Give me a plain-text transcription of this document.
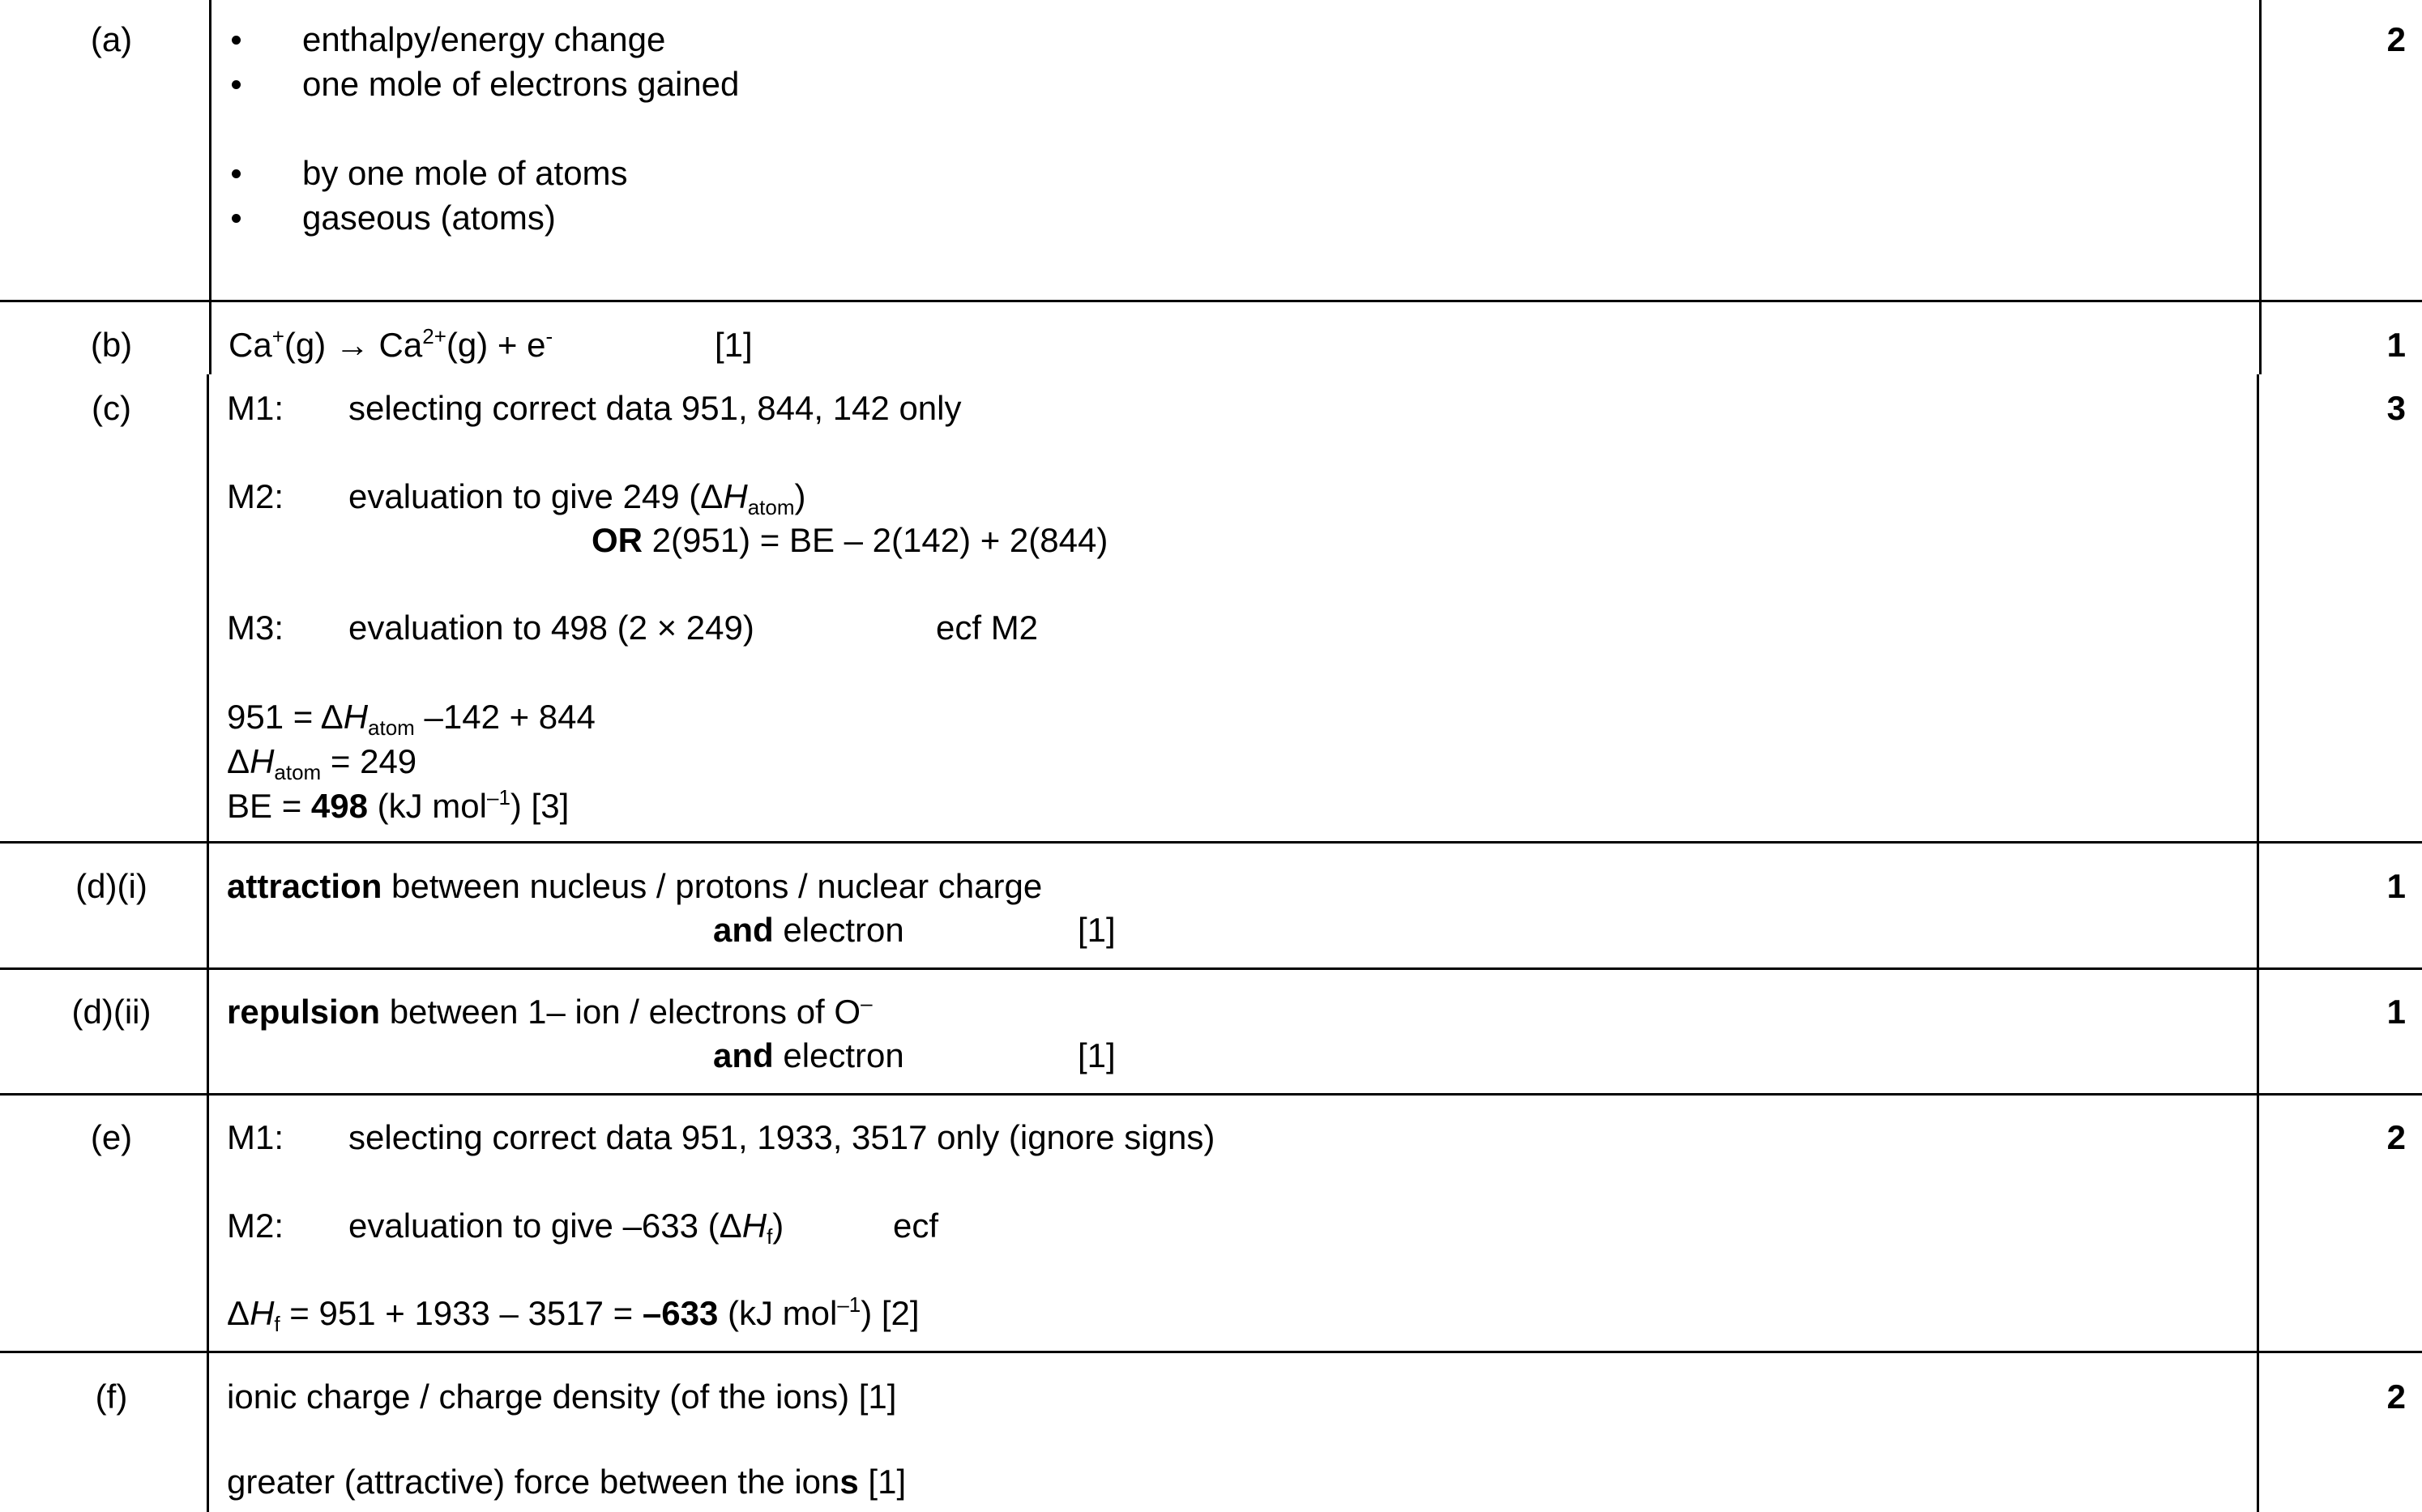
(a)	enthalpy/energy change
one mole of electrons gained
by one mole of atoms
gaseous (atoms)
2
(b)	$Ca^+(g) \to Ca^{2+}(g) + e^-$	[1]	1
(c)	M1: selecting correct data 951, 844, 142 only
M2: evaluation to give 249 $(\Delta H_{atom})$
OR 2(951) = BE – 2(142) + 2(844)
M3: evaluation to 498 (2 × 249)	ecf M2
$951 = \Delta H_{atom}$ –142 + 844
$\Delta H_{atom} = 249$
BE = 498 (kJ mol$^{-1}$) [3]
3
(d)(i)	attraction between nucleus / protons / nuclear charge
and electron	[1]
1
(d)(ii)	repulsion between 1– ion / electrons of O–
and electron	[1]
1
(e)	M1: selecting correct data 951, 1933, 3517 only (ignore signs)
M2: evaluation to give –633 $(\Delta H_f)$	ecf
$\Delta H_f = 951 + 1933 - 3517 = -633$ (kJ mol$^{-1}$) [2]
2
(f)	ionic charge / charge density (of the ions) [1]
greater (attractive) force between the ions [1]
2
